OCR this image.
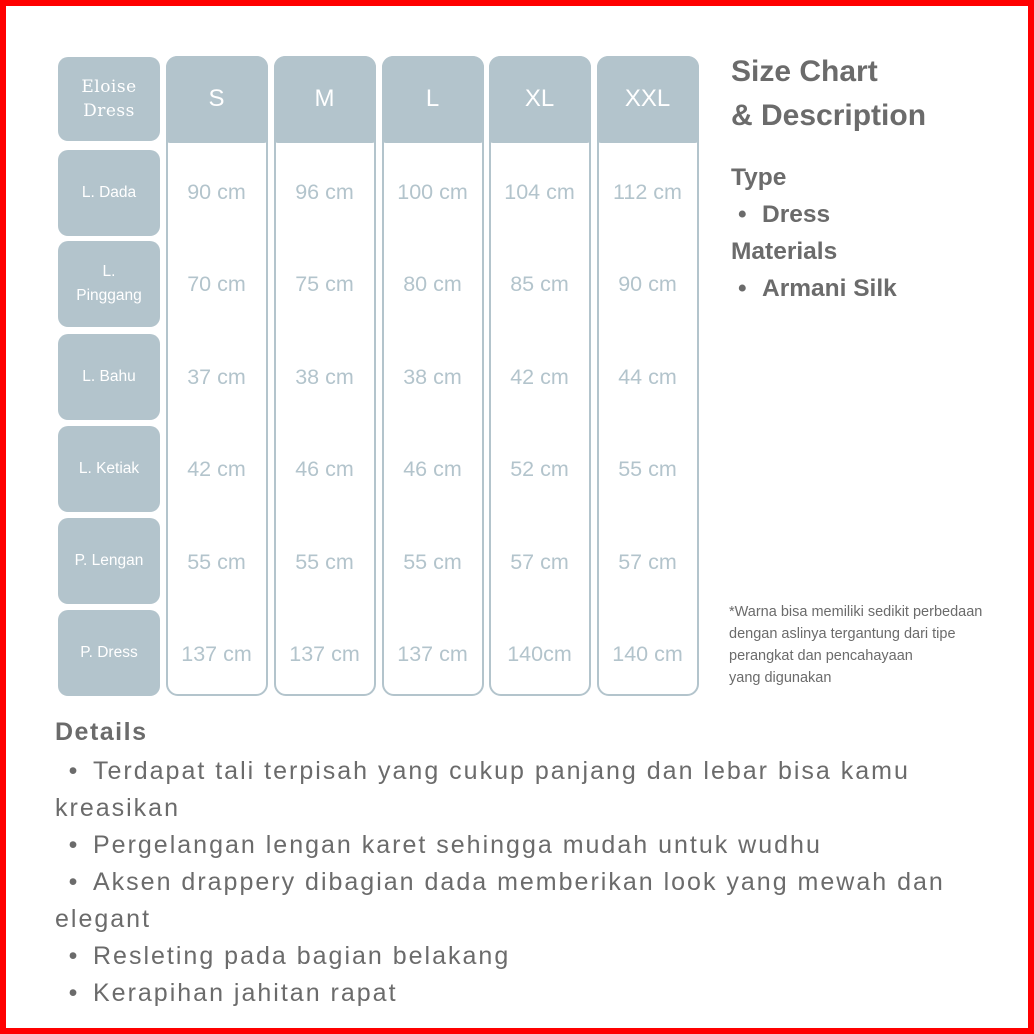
Eloise
Dress
L. Dada
L.
Pinggang
L. Bahu
L. Ketiak
P. Lengan
P. Dress
S
90 cm
70 cm
37 cm
42 cm
55 cm
137 cm
M
96 cm
75 cm
38 cm
46 cm
55 cm
137 cm
L
100 cm
80 cm
38 cm
46 cm
55 cm
137 cm
XL
104 cm
85 cm
42 cm
52 cm
57 cm
140cm
XXL
112 cm
90 cm
44 cm
55 cm
57 cm
140 cm
Size Chart
& Description
Type
• Dress
Materials
• Armani Silk
*Warna bisa memiliki sedikit perbedaan
dengan aslinya tergantung dari tipe
perangkat dan pencahayaan
yang digunakan
Details
• Terdapat tali terpisah yang cukup panjang dan lebar bisa kamu kreasikan
• Pergelangan lengan karet sehingga mudah untuk wudhu
• Aksen drappery dibagian dada memberikan look yang mewah dan elegant
• Resleting pada bagian belakang
• Kerapihan jahitan rapat
